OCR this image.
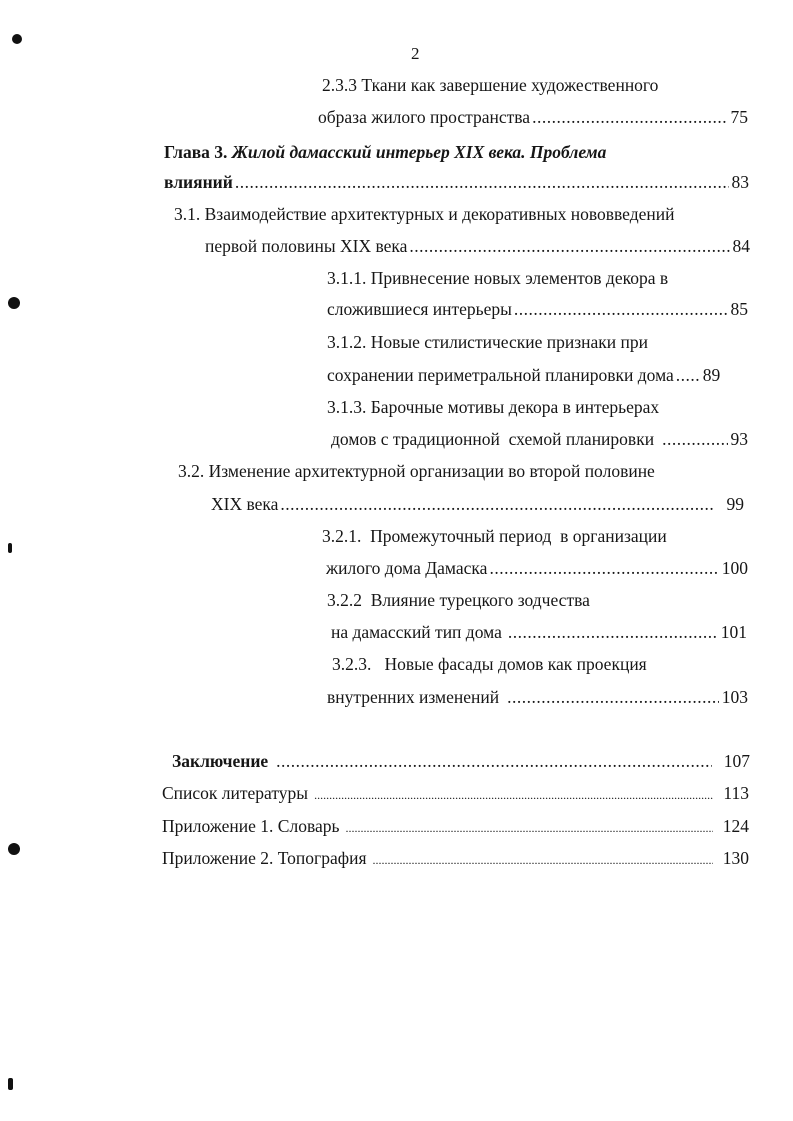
2
2.3.3 Ткани как завершение художественного
образа жилого пространства .....	75
Глава 3. Жилой дамасский интерьер XIX века. Проблема
влияний .....	83
3.1. Взаимодействие архитектурных и декоративных нововведений
первой половины XIX века .....	84
3.1.1. Привнесение новых элементов декора в
сложившиеся интерьеры .....	85
3.1.2. Новые стилистические признаки при
сохранении периметральной планировки дома ..... 89
3.1.3. Барочные мотивы декора в интерьерах
домов с традиционной  схемой планировки .....	93
3.2. Изменение архитектурной организации во второй половине
XIX века .....	99
3.2.1.  Промежуточный период  в организации
жилого дома Дамаска .....	100
3.2.2  Влияние турецкого зодчества
на дамасский тип дома .....	101
3.2.3.   Новые фасады домов как проекция
внутренних изменений .....	103
Заключение .....	107
Список литературы .....	113
Приложение 1. Словарь .....	124
Приложение 2. Топография .....	130
